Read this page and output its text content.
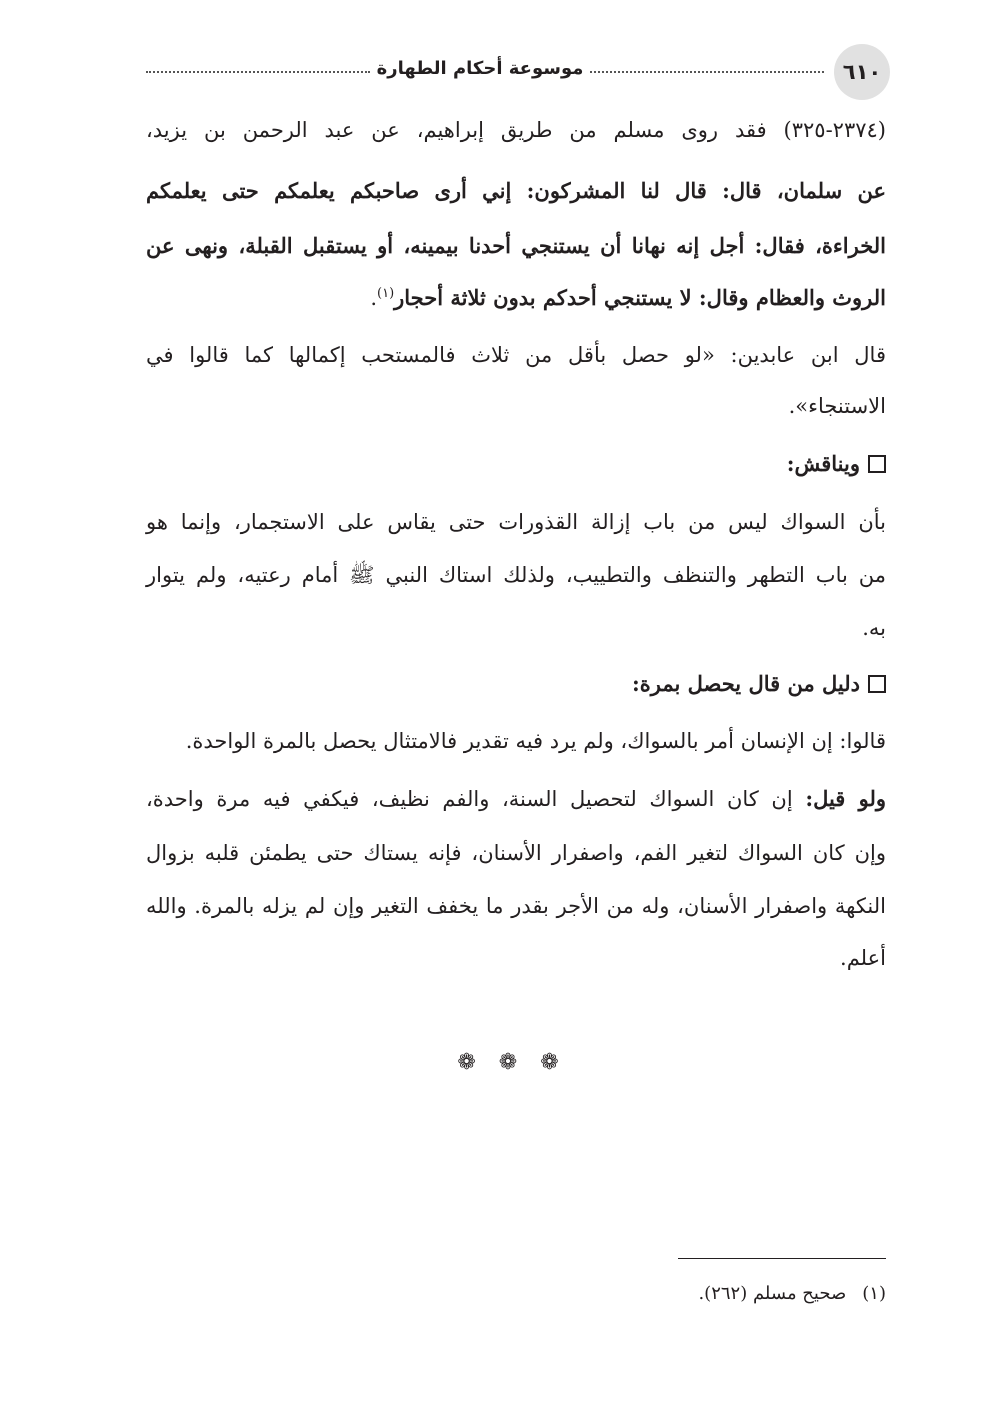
٦١٠
موسوعة أحكام الطهارة
(٢٣٧٤-٣٢٥) فقد روى مسلم من طريق إبراهيم، عن عبد الرحمن بن يزيد،
عن سلمان، قال: قال لنا المشركون: إني أرى صاحبكم يعلمكم حتى يعلمكم
الخراءة، فقال: أجل إنه نهانا أن يستنجي أحدنا بيمينه، أو يستقبل القبلة، ونهى عن
الروث والعظام وقال: لا يستنجي أحدكم بدون ثلاثة أحجار$^{(١)}$.
قال ابن عابدين: «لو حصل بأقل من ثلاث فالمستحب إكمالها كما قالوا في
الاستنجاء».
ويناقش:
بأن السواك ليس من باب إزالة القذورات حتى يقاس على الاستجمار، وإنما هو
من باب التطهر والتنظف والتطييب، ولذلك استاك النبي ﷺ أمام رعتيه، ولم يتوار
به.
دليل من قال يحصل بمرة:
قالوا: إن الإنسان أمر بالسواك، ولم يرد فيه تقدير فالامتثال يحصل بالمرة الواحدة.
ولو قيل: إن كان السواك لتحصيل السنة، والفم نظيف، فيكفي فيه مرة واحدة،
وإن كان السواك لتغير الفم، واصفرار الأسنان، فإنه يستاك حتى يطمئن قلبه بزوال
النكهة واصفرار الأسنان، وله من الأجر بقدر ما يخفف التغير وإن لم يزله بالمرة. والله
أعلم.
❁ ❁ ❁
(١)صحيح مسلم (٢٦٢).
